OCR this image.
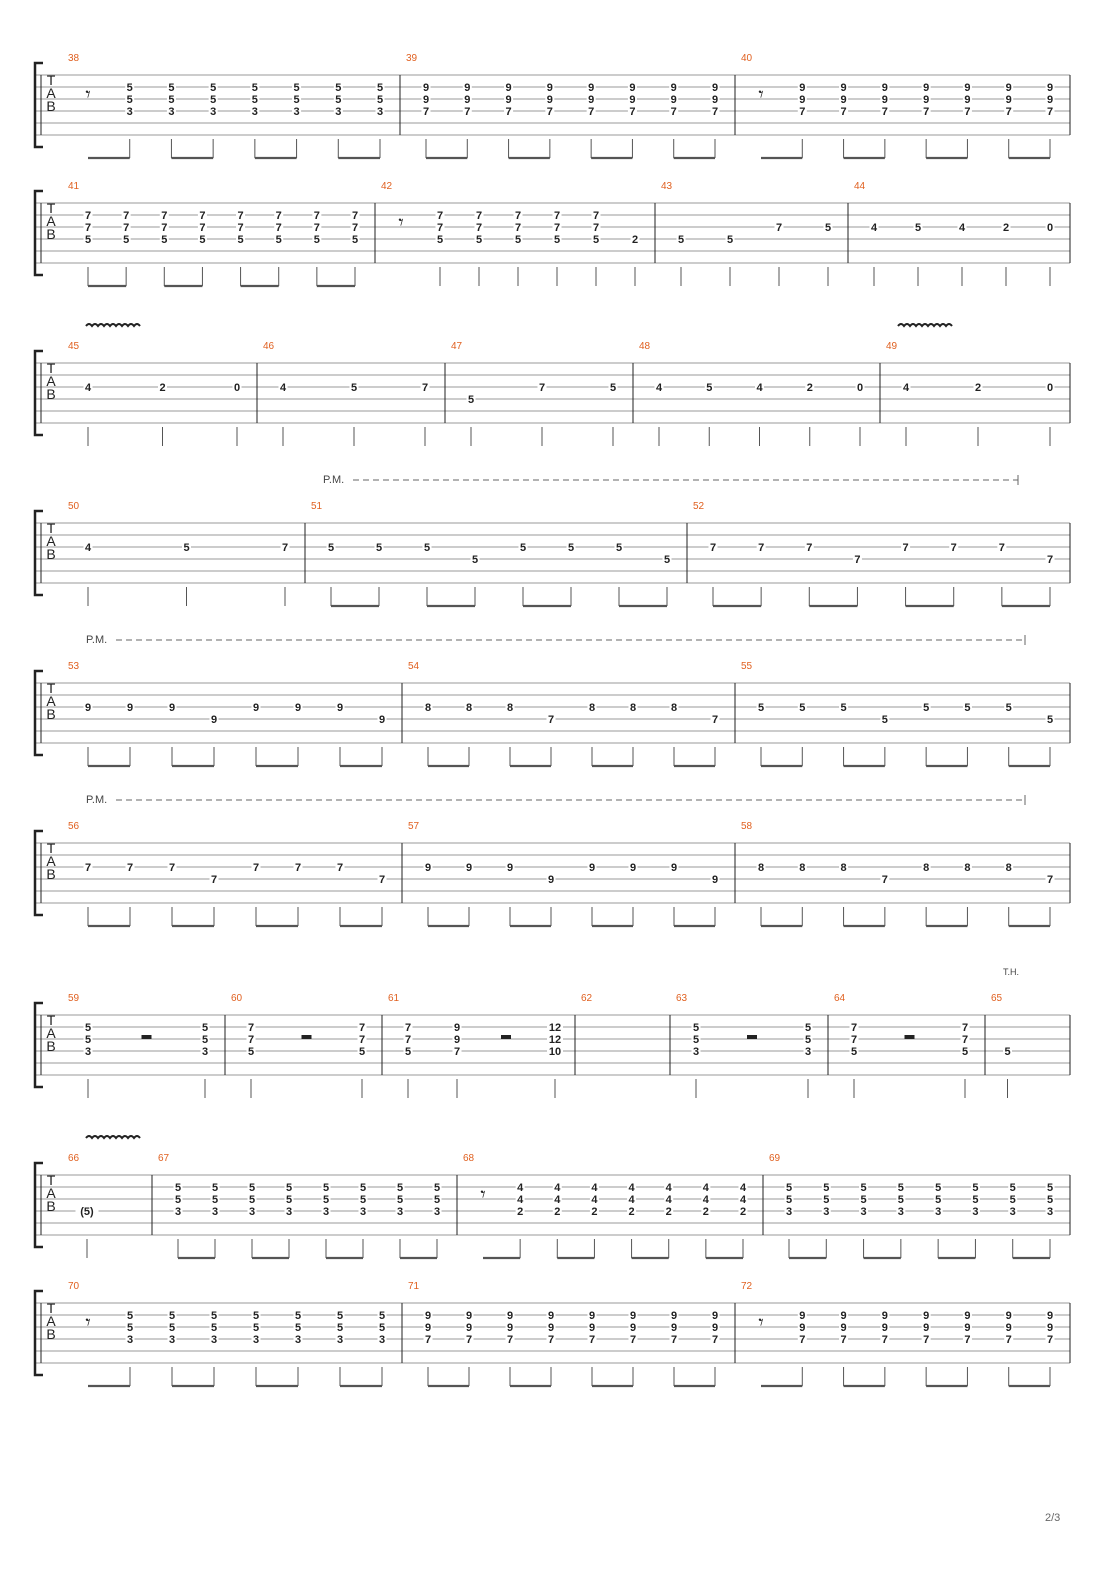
T
A
B
38
𝄾	5
5
3
5
5
3
5
5
3
5
5
3
5
5
3
5
5
3
5
5
3
39
9
9
7
9
9
7
9
9
7
9
9
7
9
9
7
9
9
7
9
9
7
9
9
7
40
𝄾	9
9
7
9
9
7
9
9
7
9
9
7
9
9
7
9
9
7
9
9
7
T
A
B
41
7
7
5
7
7
5
7
7
5
7
7
5
7
7
5
7
7
5
7
7
5
7
7
5
42
𝄾	7
7
5
7
7
5
7
7
5
7
7
5
7
7
5	2
43
5	5
7	5
44
4	5	4	2	0
T
A
B
45
4	2	0
46
4	5	7
47
5
7	5
48
4	5	4	2	0
49
4	2	0
T
A
B
50
4	5	7
51
5	5	5
5
5	5	5
5
52
7	7	7
7
7	7	7
7
T
A
B
53
9	9	9
9
9	9	9
9
54
8	8	8
7
8	8	8
7
55
5	5	5
5
5	5	5
5
T
A
B
56
7	7	7
7
7	7	7
7
57
9	9	9
9
9	9	9
9
58
8	8	8
7
8	8	8
7
T
A
B
59
5
5
3
5
5
3
60
7
7
5
7
7
5
61
7
7
5
9
9
7
12
12
10
62	63
5
5
3
5
5
3
64
7
7
5
7
7
5
65
5
T
A
B
66
(5)
67
5
5
3
5
5
3
5
5
3
5
5
3
5
5
3
5
5
3
5
5
3
5
5
3
68
𝄾	4
4
2
4
4
2
4
4
2
4
4
2
4
4
2
4
4
2
4
4
2
69
5
5
3
5
5
3
5
5
3
5
5
3
5
5
3
5
5
3
5
5
3
5
5
3
T
A
B
70
𝄾	5
5
3
5
5
3
5
5
3
5
5
3
5
5
3
5
5
3
5
5
3
71
9
9
7
9
9
7
9
9
7
9
9
7
9
9
7
9
9
7
9
9
7
9
9
7
72
𝄾	9
9
7
9
9
7
9
9
7
9
9
7
9
9
7
9
9
7
9
9
7
P.M.
P.M.
P.M.
T.H.
2/3
